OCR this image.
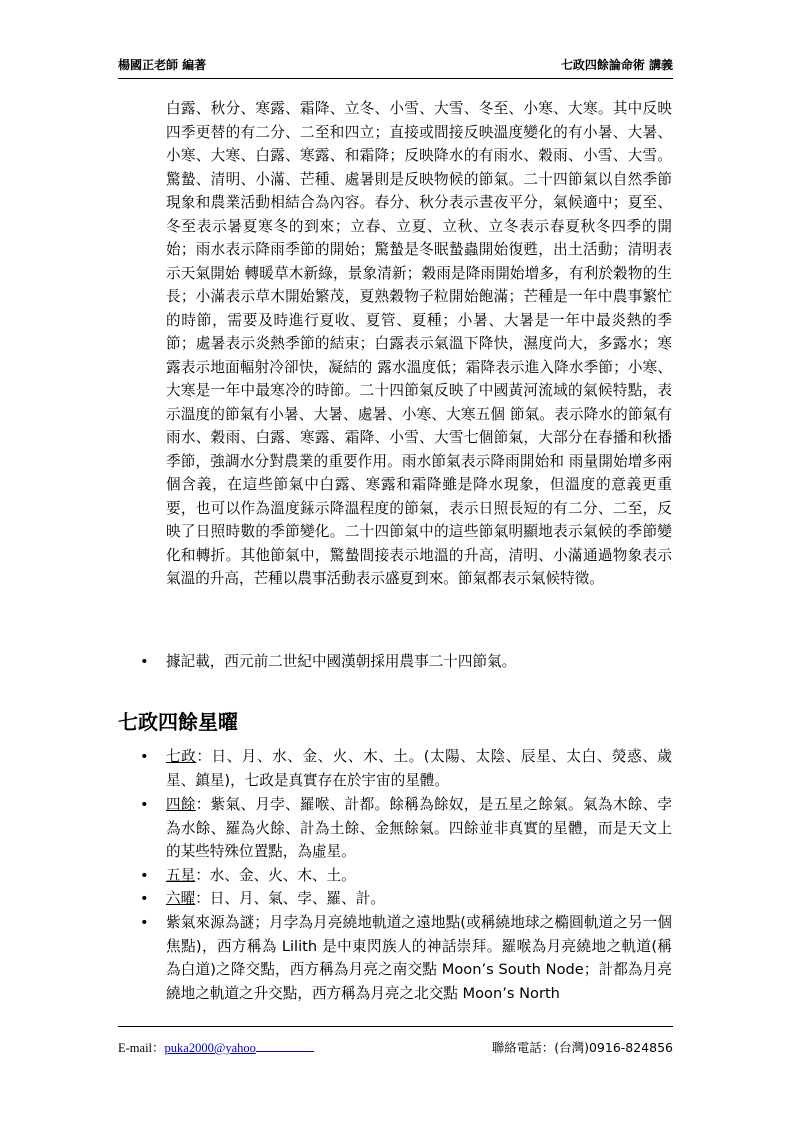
楊國正老師 編著	七政四餘論命術 講義

白露、秋分、寒露、霜降、立冬、小雪、大雪、冬至、小寒、大寒。其中反映四季更替的有二分、二至和四立；直接或間接反映溫度變化的有小暑、大暑、小寒、大寒、白露、寒露、和霜降；反映降水的有雨水、穀雨、小雪、大雪。驚蟄、清明、小滿、芒種、處暑則是反映物候的節氣。二十四節氣以自然季節現象和農業活動相結合為內容。春分、秋分表示晝夜平分，氣候適中；夏至、冬至表示暑夏寒冬的到來；立春、立夏、立秋、立冬表示春夏秋冬四季的開始；雨水表示降雨季節的開始；驚蟄是冬眠蟄蟲開始復甦，出土活動；清明表示天氣開始 轉暖草木新綠，景象清新；穀雨是降雨開始增多，有利於穀物的生長；小滿表示草木開始繁茂，夏熟穀物子粒開始飽滿；芒種是一年中農事繁忙的時節，需要及時進行夏收、夏管、夏種；小暑、大暑是一年中最炎熱的季節；處暑表示炎熱季節的結束；白露表示氣溫下降快，濕度尚大，多露水；寒露表示地面輻射冷卻快，凝結的 露水溫度低；霜降表示進入降水季節；小寒、大寒是一年中最寒冷的時節。二十四節氣反映了中國黃河流域的氣候特點，表示溫度的節氣有小暑、大暑、處暑、小寒、大寒五個 節氣。表示降水的節氣有雨水、穀雨、白露、寒露、霜降、小雪、大雪七個節氣，大部分在春播和秋播季節，強調水分對農業的重要作用。雨水節氣表示降雨開始和 雨量開始增多兩個含義，在這些節氣中白露、寒露和霜降雖是降水現象，但溫度的意義更重要，也可以作為溫度銾示降溫程度的節氣，表示日照長短的有二分、二至，反映了日照時數的季節變化。二十四節氣中的這些節氣明顯地表示氣候的季節變化和轉折。其他節氣中，驚蟄間接表示地溫的升高，清明、小滿通過物象表示氣溫的升高，芒種以農事活動表示盛夏到來。節氣都表示氣候特徵。

• 據記載，西元前二世紀中國漢朝採用農事二十四節氣。

七政四餘星曜
• 七政：日、月、水、金、火、木、土。(太陽、太陰、辰星、太白、熒惑、歲星、鎮星)，七政是真實存在於宇宙的星體。

• 四餘：紫氣、月孛、羅喉、計都。餘稱為餘奴，是五星之餘氣。氣為木餘、孛為水餘、羅為火餘、計為土餘、金無餘氣。四餘並非真實的星體，而是天文上的某些特殊位置點，為虛星。

• 五星：水、金、火、木、土。

• 六曜：日、月、氣、孛、羅、計。

• 紫氣來源為謎；月孛為月亮繞地軌道之遠地點(或稱繞地球之橢圓軌道之另一個焦點)，西方稱為 Lilith 是中東閃族人的神話崇拜。羅喉為月亮繞地之軌道(稱為白道)之降交點，西方稱為月亮之南交點 Moon’s South Node；計都為月亮繞地之軌道之升交點，西方稱為月亮之北交點 Moon’s North

E-mail：puka2000@yahoo	聯絡電話：(台灣)0916-824856
